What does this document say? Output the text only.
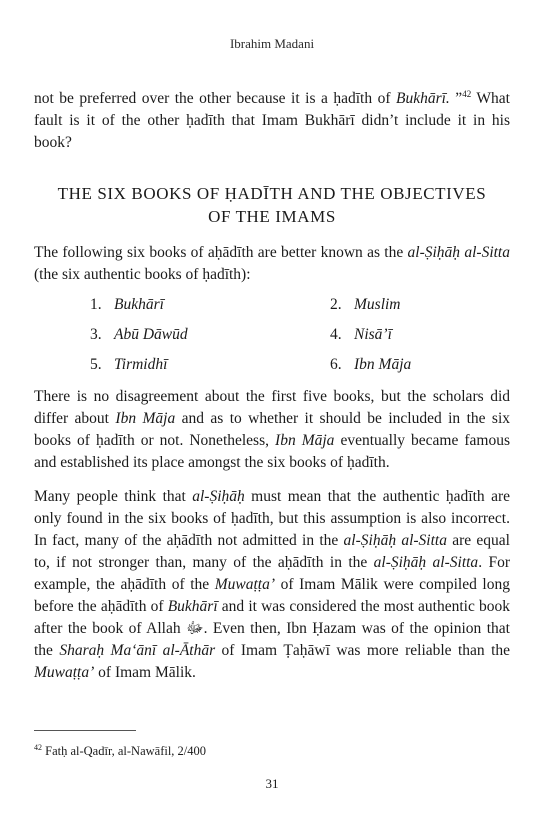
Ibrahim Madani

not be preferred over the other because it is a ḥadīth of Bukhārī. ”$^{42}$ What fault is it of the other ḥadīth that Imam Bukhārī didn’t include it in his book?

THE SIX BOOKS OF ḤADĪTH AND THE OBJECTIVES
OF THE IMAMS

The following six books of aḥādīth are better known as the al-Ṣiḥāḥ al-Sitta (the six authentic books of ḥadīth):

1. Bukhārī	2. Muslim
3. Abū Dāwūd	4. Nisā’ī
5. Tirmidhī	6. Ibn Māja

There is no disagreement about the first five books, but the scholars did differ about Ibn Māja and as to whether it should be included in the six books of ḥadīth or not. Nonetheless, Ibn Māja eventually became famous and established its place amongst the six books of ḥadīth.

Many people think that al-Ṣiḥāḥ must mean that the authentic ḥadīth are only found in the six books of ḥadīth, but this assumption is also incorrect. In fact, many of the aḥādīth not admitted in the al-Ṣiḥāḥ al-Sitta are equal to, if not stronger than, many of the aḥādīth in the al-Ṣiḥāḥ al-Sitta. For example, the aḥādīth of the Muwaṭṭa’ of Imam Mālik were compiled long before the aḥādīth of Bukhārī and it was considered the most authentic book after the book of Allah ﷻ. Even then, Ibn Ḥazam was of the opinion that the Sharaḥ Ma‘ānī al-Āthār of Imam Ṭaḥāwī was more reliable than the Muwaṭṭa’ of Imam Mālik.

$^{42}$ Fatḥ al-Qadīr, al-Nawāfil, 2/400
31
